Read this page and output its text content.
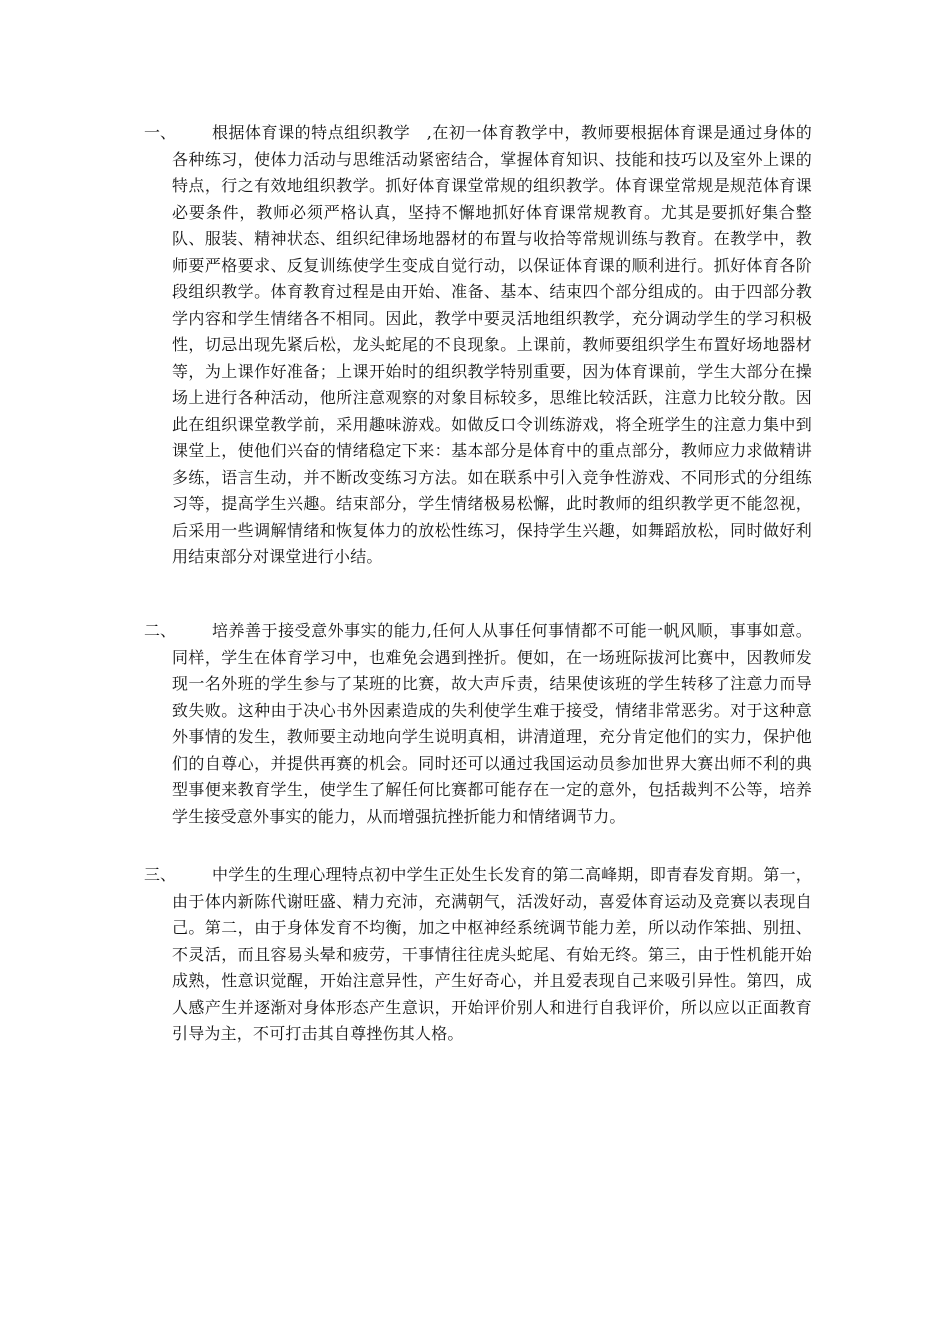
一、	根据体育课的特点组织教学　,在初一体育教学中，教师要根据体育课是通过身体的各种练习，使体力活动与思维活动紧密结合，掌握体育知识、技能和技巧以及室外上课的特点，行之有效地组织教学。抓好体育课堂常规的组织教学。体育课堂常规是规范体育课必要条件，教师必须严格认真，坚持不懈地抓好体育课常规教育。尤其是要抓好集合整队、服装、精神状态、组织纪律场地器材的布置与收拾等常规训练与教育。在教学中，教师要严格要求、反复训练使学生变成自觉行动，以保证体育课的顺利进行。抓好体育各阶段组织教学。体育教育过程是由开始、准备、基本、结束四个部分组成的。由于四部分教学内容和学生情绪各不相同。因此，教学中要灵活地组织教学，充分调动学生的学习积极性，切忌出现先紧后松，龙头蛇尾的不良现象。上课前，教师要组织学生布置好场地器材等，为上课作好准备；上课开始时的组织教学特别重要，因为体育课前，学生大部分在操场上进行各种活动，他所注意观察的对象目标较多，思维比较活跃，注意力比较分散。因此在组织课堂教学前，采用趣味游戏。如做反口令训练游戏，将全班学生的注意力集中到课堂上，使他们兴奋的情绪稳定下来：基本部分是体育中的重点部分，教师应力求做精讲多练，语言生动，并不断改变练习方法。如在联系中引入竞争性游戏、不同形式的分组练习等，提高学生兴趣。结束部分，学生情绪极易松懈，此时教师的组织教学更不能忽视，后采用一些调解情绪和恢复体力的放松性练习，保持学生兴趣，如舞蹈放松，同时做好利用结束部分对课堂进行小结。
二、	培养善于接受意外事实的能力,任何人从事任何事情都不可能一帆风顺，事事如意。同样，学生在体育学习中，也难免会遇到挫折。便如，在一场班际拔河比赛中，因教师发现一名外班的学生参与了某班的比赛，故大声斥责，结果使该班的学生转移了注意力而导致失败。这种由于决心书外因素造成的失利使学生难于接受，情绪非常恶劣。对于这种意外事情的发生，教师要主动地向学生说明真相，讲清道理，充分肯定他们的实力，保护他们的自尊心，并提供再赛的机会。同时还可以通过我国运动员参加世界大赛出师不利的典型事便来教育学生，使学生了解任何比赛都可能存在一定的意外，包括裁判不公等，培养学生接受意外事实的能力，从而增强抗挫折能力和情绪调节力。
三、	中学生的生理心理特点初中学生正处生长发育的第二高峰期，即青春发育期。第一，由于体内新陈代谢旺盛、精力充沛，充满朝气，活泼好动，喜爱体育运动及竞赛以表现自己。第二，由于身体发育不均衡，加之中枢神经系统调节能力差，所以动作笨拙、别扭、不灵活，而且容易头晕和疲劳，干事情往往虎头蛇尾、有始无终。第三，由于性机能开始成熟，性意识觉醒，开始注意异性，产生好奇心，并且爱表现自己来吸引异性。第四，成人感产生并逐渐对身体形态产生意识，开始评价别人和进行自我评价，所以应以正面教育引导为主，不可打击其自尊挫伤其人格。
